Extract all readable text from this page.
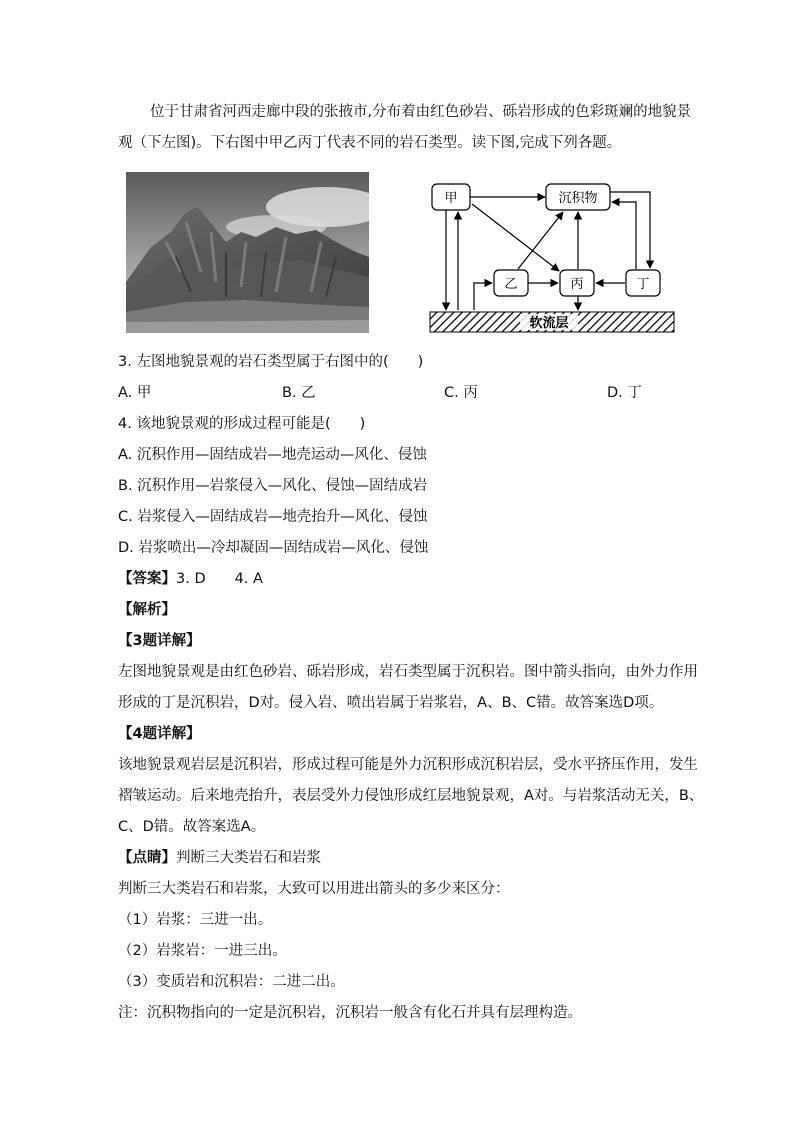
位于甘肃省河西走廊中段的张掖市,分布着由红色砂岩、砾岩形成的色彩斑斓的地貌景
观（下左图)。下右图中甲乙丙丁代表不同的岩石类型。读下图,完成下列各题。
甲	沉积物
乙	丙	丁
软流层
3. 左图地貌景观的岩石类型属于右图中的(　　)
A. 甲	B. 乙	C. 丙	D. 丁
4. 该地貌景观的形成过程可能是(　　)
A. 沉积作用—固结成岩—地壳运动—风化、侵蚀
B. 沉积作用—岩浆侵入—风化、侵蚀—固结成岩
C. 岩浆侵入—固结成岩—地壳抬升—风化、侵蚀
D. 岩浆喷出—冷却凝固—固结成岩—风化、侵蚀
【答案】3. D　　4. A
【解析】
【3题详解】
左图地貌景观是由红色砂岩、砾岩形成，岩石类型属于沉积岩。图中箭头指向，由外力作用
形成的丁是沉积岩，D对。侵入岩、喷出岩属于岩浆岩，A、B、C错。故答案选D项。
【4题详解】
该地貌景观岩层是沉积岩，形成过程可能是外力沉积形成沉积岩层，受水平挤压作用，发生
褶皱运动。后来地壳抬升，表层受外力侵蚀形成红层地貌景观，A对。与岩浆活动无关，B、
C、D错。故答案选A。
【点睛】判断三大类岩石和岩浆
判断三大类岩石和岩浆，大致可以用进出箭头的多少来区分：
（1）岩浆：三进一出。
（2）岩浆岩：一进三出。
（3）变质岩和沉积岩：二进二出。
注：沉积物指向的一定是沉积岩，沉积岩一般含有化石并具有层理构造。
